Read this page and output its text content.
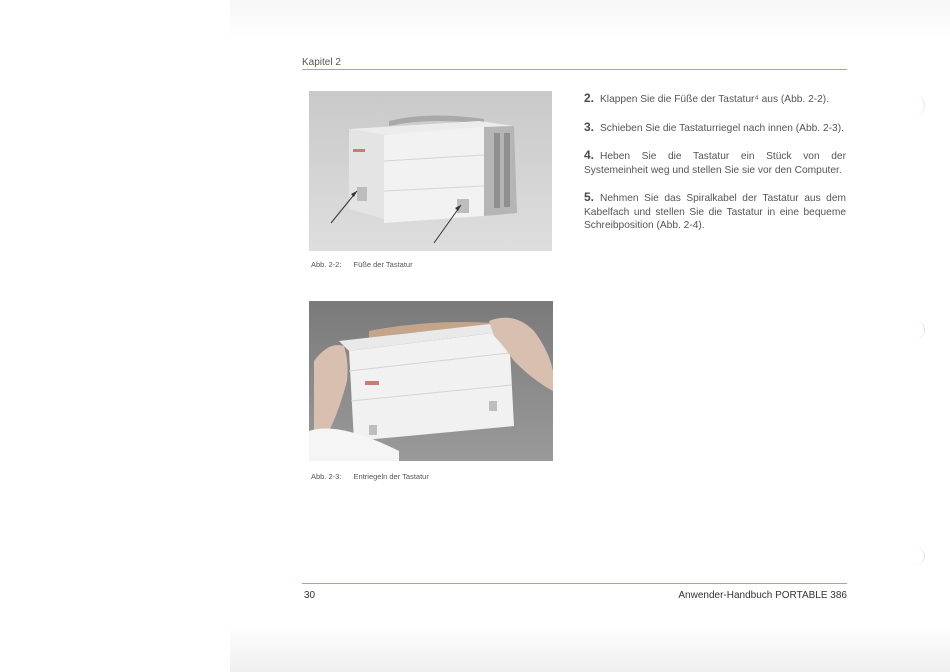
Kapitel 2
Abb. 2-2: Füße der Tastatur
Abb. 2-3: Entriegeln der Tastatur

2. Klappen Sie die Füße der Tastatur⁴ aus (Abb. 2-2).

3. Schieben Sie die Tastaturriegel nach innen (Abb. 2-3).

4. Heben Sie die Tastatur ein Stück von der Systemeinheit weg und stellen Sie sie vor den Computer.

5. Nehmen Sie das Spiralkabel der Tastatur aus dem Kabelfach und stellen Sie die Tastatur in eine bequeme Schreibposition (Abb. 2-4).

30	Anwender-Handbuch PORTABLE 386
